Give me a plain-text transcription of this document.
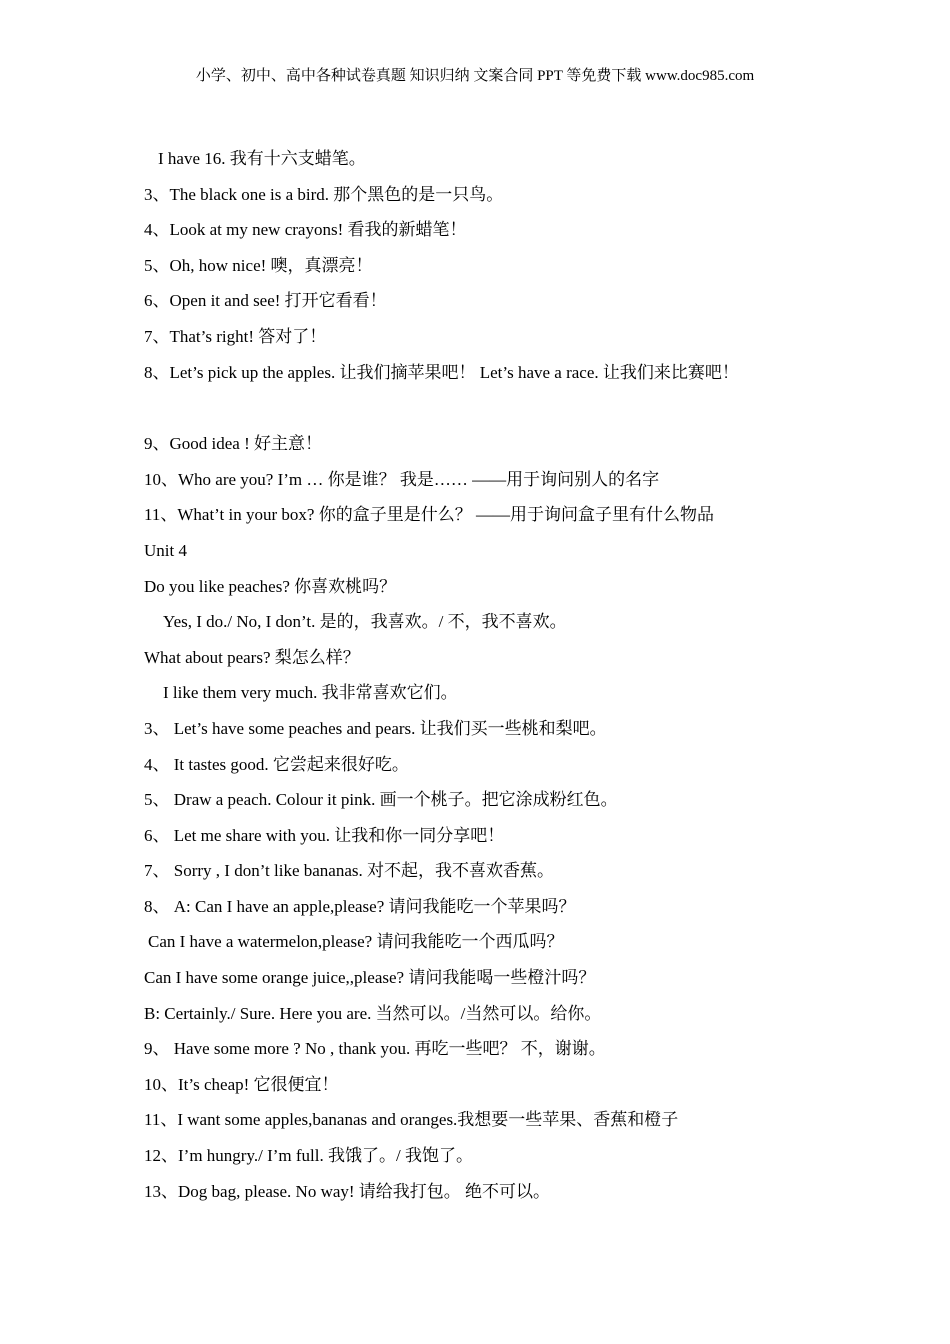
小学、初中、高中各种试卷真题 知识归纳 文案合同 PPT 等免费下载 www.doc985.com
I have 16. 我有十六支蜡笔。
3、The black one is a bird. 那个黑色的是一只鸟。
4、Look at my new crayons! 看我的新蜡笔！
5、Oh, how nice! 噢，真漂亮！
6、Open it and see! 打开它看看！
7、That’s right! 答对了！
8、Let’s pick up the apples. 让我们摘苹果吧！ Let’s have a race. 让我们来比赛吧！
9、Good idea ! 好主意！
10、Who are you? I’m … 你是谁？ 我是…… ——用于询问别人的名字
11、What’t in your box? 你的盒子里是什么？ ——用于询问盒子里有什么物品
Unit 4
Do you like peaches? 你喜欢桃吗？
Yes, I do./ No, I don’t. 是的，我喜欢。/ 不，我不喜欢。
What about pears? 梨怎么样？
I like them very much. 我非常喜欢它们。
3、 Let’s have some peaches and pears. 让我们买一些桃和梨吧。
4、 It tastes good. 它尝起来很好吃。
5、 Draw a peach. Colour it pink. 画一个桃子。把它涂成粉红色。
6、 Let me share with you. 让我和你一同分享吧！
7、 Sorry , I don’t like bananas. 对不起，我不喜欢香蕉。
8、 A: Can I have an apple,please? 请问我能吃一个苹果吗？
Can I have a watermelon,please? 请问我能吃一个西瓜吗？
Can I have some orange juice,,please? 请问我能喝一些橙汁吗？
B: Certainly./ Sure. Here you are. 当然可以。/当然可以。给你。
9、 Have some more ? No , thank you. 再吃一些吧？ 不，谢谢。
10、It’s cheap! 它很便宜！
11、I want some apples,bananas and oranges.我想要一些苹果、香蕉和橙子
12、I’m hungry./ I’m full. 我饿了。/ 我饱了。
13、Dog bag, please. No way! 请给我打包。 绝不可以。
